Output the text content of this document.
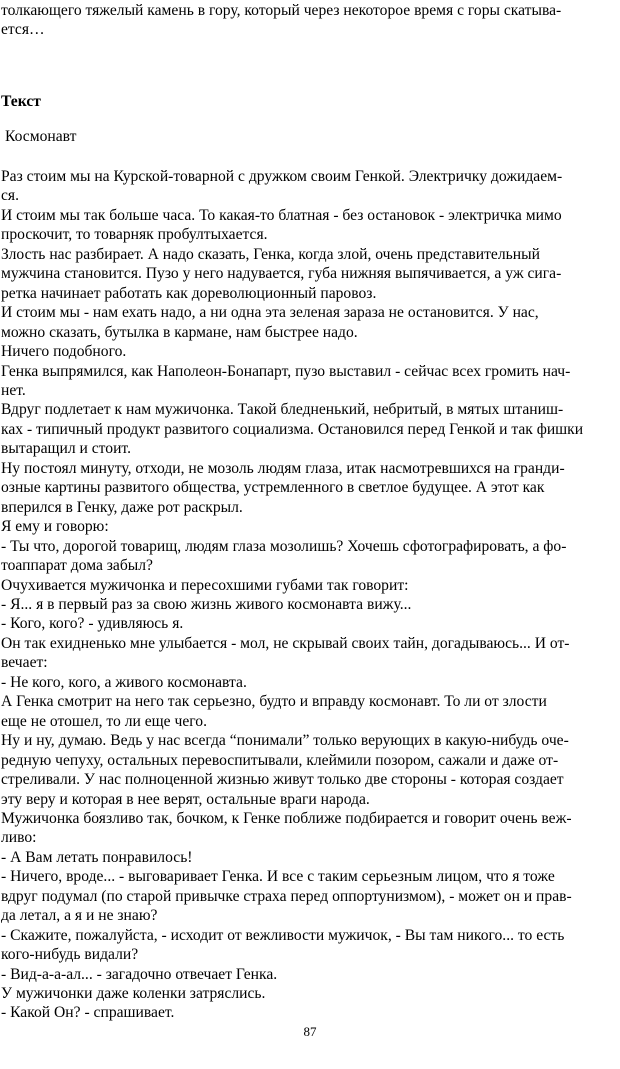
толкающего тяжелый камень в гору, который через некоторое время с горы скатыва-
ется…
Текст

Космонавт

Раз стоим мы на Курской-товарной с дружком своим Генкой. Электричку дожидаем-
ся.
И стоим мы так больше часа. То какая-то блатная - без остановок - электричка мимо
проскочит, то товарняк пробултыхается.
Злость нас разбирает. А надо сказать, Генка, когда злой, очень представительный
мужчина становится. Пузо у него надувается, губа нижняя выпячивается, а уж сига-
ретка начинает работать как дореволюционный паровоз.
И стоим мы - нам ехать надо, а ни одна эта зеленая зараза не остановится. У нас,
можно сказать, бутылка в кармане, нам быстрее надо.
Ничего подобного.
Генка выпрямился, как Наполеон-Бонапарт, пузо выставил - сейчас всех громить нач-
нет.
Вдруг подлетает к нам мужичонка. Такой бледненький, небритый, в мятых штаниш-
ках - типичный продукт развитого социализма. Остановился перед Генкой и так фишки
вытаращил и стоит.
Ну постоял минуту, отходи, не мозоль людям глаза, итак насмотревшихся на гранди-
озные картины развитого общества, устремленного в светлое будущее. А этот как
вперился в Генку, даже рот раскрыл.
Я ему и говорю:
- Ты что, дорогой товарищ, людям глаза мозолишь? Хочешь сфотографировать, а фо-
тоаппарат дома забыл?
Очухивается мужичонка и пересохшими губами так говорит:
- Я... я в первый раз за свою жизнь живого космонавта вижу...
- Кого, кого? - удивляюсь я.
Он так ехидненько мне улыбается - мол, не скрывай своих тайн, догадываюсь... И от-
вечает:
- Не кого, кого, а живого космонавта.
А Генка смотрит на него так серьезно, будто и вправду космонавт. То ли от злости
еще не отошел, то ли еще чего.
Ну и ну, думаю. Ведь у нас всегда “понимали” только верующих в какую-нибудь оче-
редную чепуху, остальных перевоспитывали, клеймили позором, сажали и даже от-
стреливали. У нас полноценной жизнью живут только две стороны - которая создает
эту веру и которая в нее верят, остальные враги народа.
Мужичонка боязливо так, бочком, к Генке поближе подбирается и говорит очень веж-
ливо:
- А Вам летать понравилось!
- Ничего, вроде... - выговаривает Генка. И все с таким серьезным лицом, что я тоже
вдруг подумал (по старой привычке страха перед оппортунизмом), - может он и прав-
да летал, а я и не знаю?
- Скажите, пожалуйста, - исходит от вежливости мужичок, - Вы там никого... то есть
кого-нибудь видали?
- Вид-а-а-ал... - загадочно отвечает Генка.
У мужичонки даже коленки затряслись.
- Какой Он? - спрашивает.
87
